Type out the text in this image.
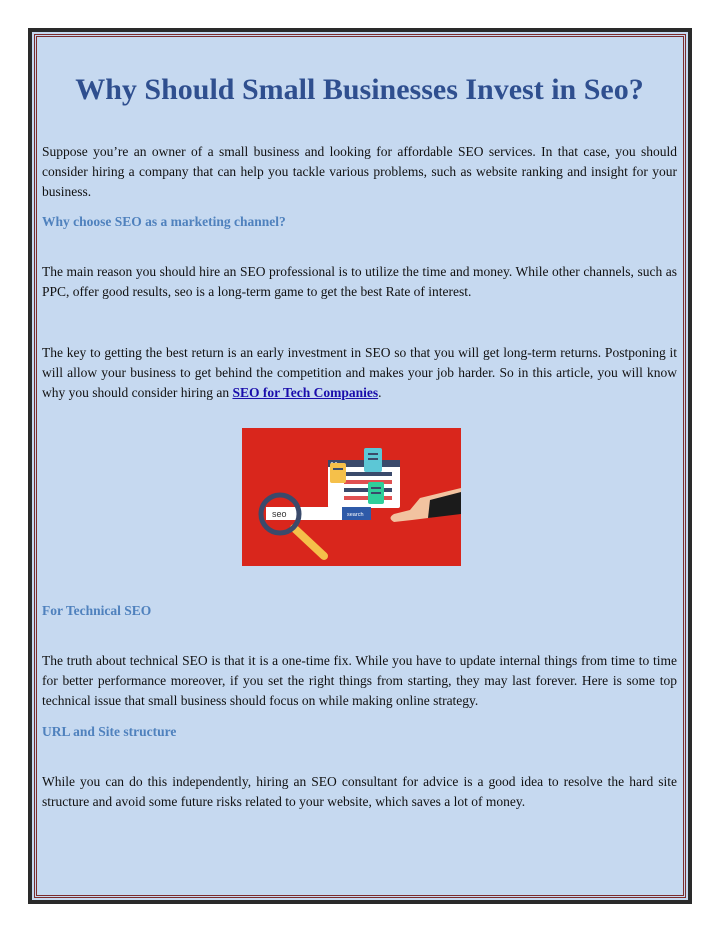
Why Should Small Businesses Invest in Seo?

Suppose you’re an owner of a small business and looking for affordable SEO services. In that case, you should consider hiring a company that can help you tackle various problems, such as website ranking and insight for your business.

Why choose SEO as a marketing channel?

The main reason you should hire an SEO professional is to utilize the time and money. While other channels, such as PPC, offer good results, seo is a long-term game to get the best Rate of interest.

The key to getting the best return is an early investment in SEO so that you will get long-term returns. Postponing it will allow your business to get behind the competition and makes your job harder. So in this article, you will know why you should consider hiring an SEO for Tech Companies.

For Technical SEO

The truth about technical SEO is that it is a one-time fix. While you have to update internal things from time to time for better performance moreover, if you set the right things from starting, they may last forever. Here is some top technical issue that small business should focus on while making online strategy.

URL and Site structure

While you can do this independently, hiring an SEO consultant for advice is a good idea to resolve the hard site structure and avoid some future risks related to your website, which saves a lot of money.

seo	search
